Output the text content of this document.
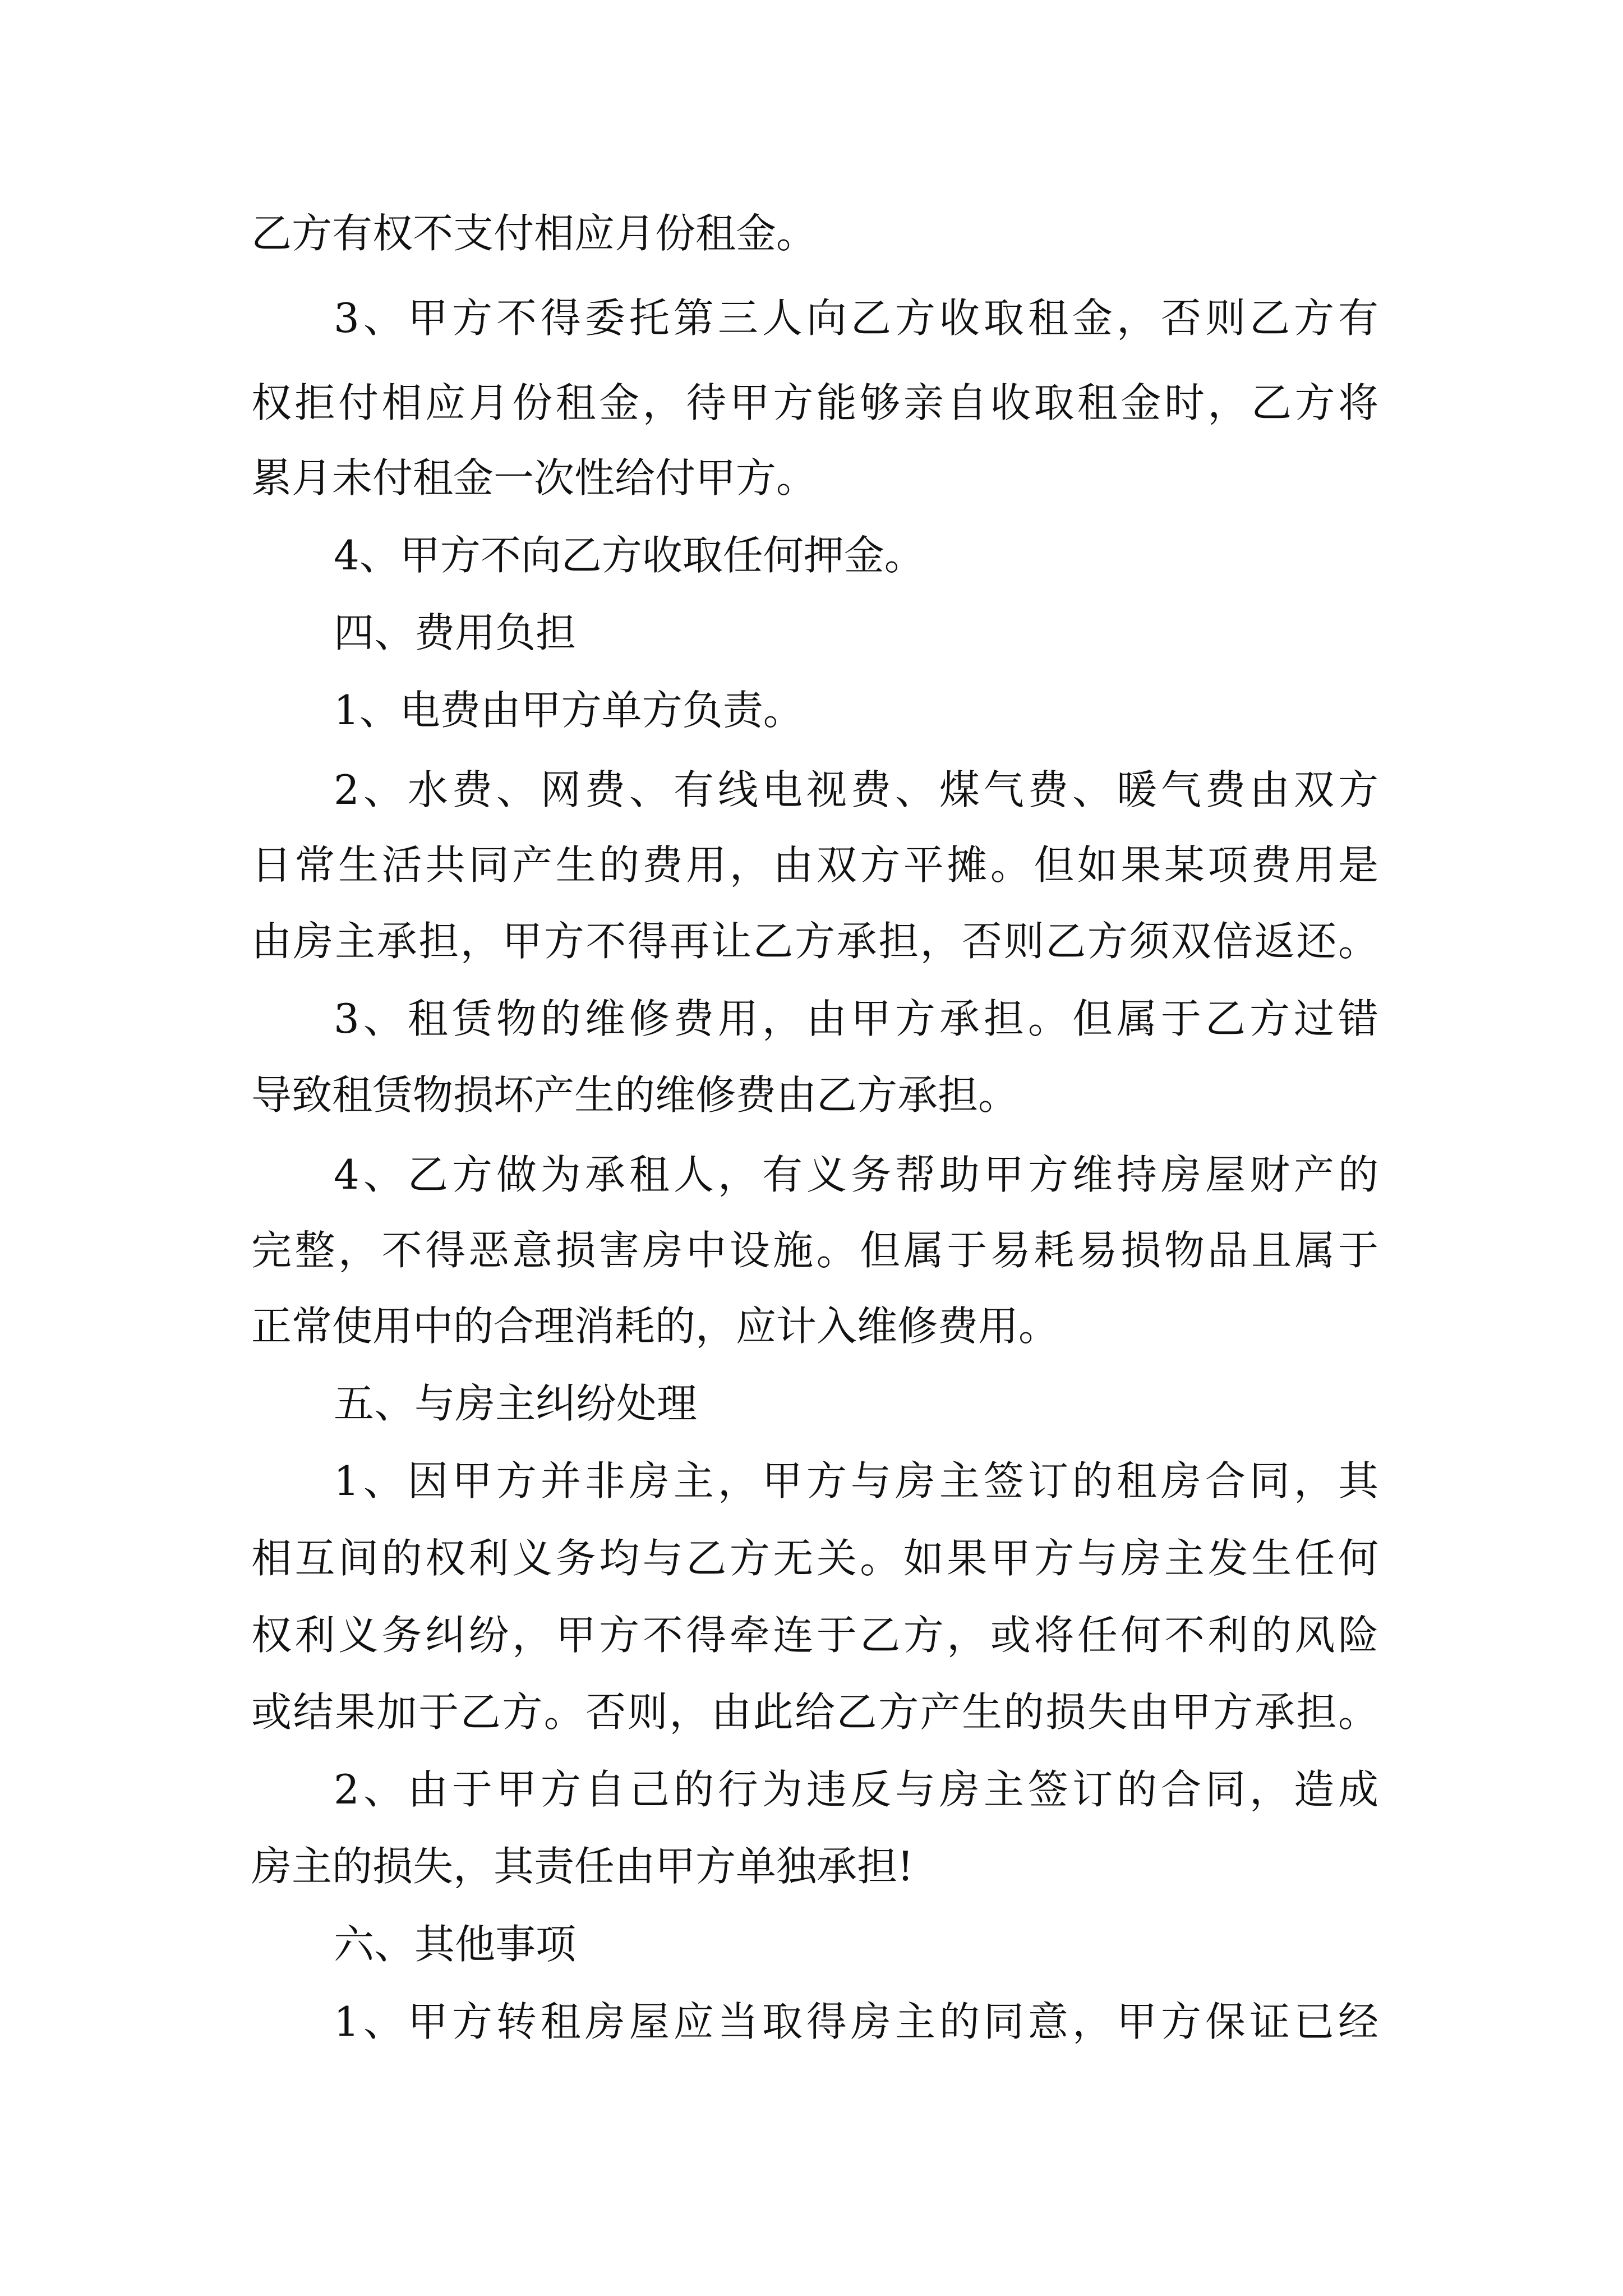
乙方有权不支付相应月份租金。
3、甲方不得委托第三人向乙方收取租金，否则乙方有
权拒付相应月份租金，待甲方能够亲自收取租金时，乙方将
累月未付租金一次性给付甲方。
4、甲方不向乙方收取任何押金。
四、费用负担
1、电费由甲方单方负责。
2、水费、网费、有线电视费、煤气费、暖气费由双方
日常生活共同产生的费用，由双方平摊。但如果某项费用是
由房主承担，甲方不得再让乙方承担，否则乙方须双倍返还。
3、租赁物的维修费用，由甲方承担。但属于乙方过错
导致租赁物损坏产生的维修费由乙方承担。
4、乙方做为承租人，有义务帮助甲方维持房屋财产的
完整，不得恶意损害房中设施。但属于易耗易损物品且属于
正常使用中的合理消耗的，应计入维修费用。
五、与房主纠纷处理
1、因甲方并非房主，甲方与房主签订的租房合同，其
相互间的权利义务均与乙方无关。如果甲方与房主发生任何
权利义务纠纷，甲方不得牵连于乙方，或将任何不利的风险
或结果加于乙方。否则，由此给乙方产生的损失由甲方承担。
2、由于甲方自己的行为违反与房主签订的合同，造成
房主的损失，其责任由甲方单独承担!
六、其他事项
1、甲方转租房屋应当取得房主的同意，甲方保证已经
